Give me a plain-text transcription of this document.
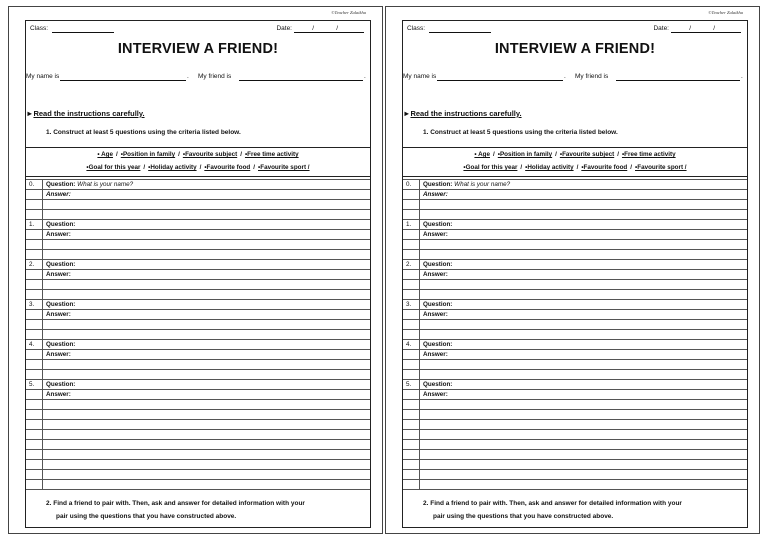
©Teacher Zulaikha
Class:	Date:	/	/
INTERVIEW A FRIEND!
My name is	. My friend is	.
►Read the instructions carefully.
1. Construct at least 5 questions using the criteria listed below.
• Age / •Position in family / •Favourite subject / •Free time activity
•Goal for this year / •Holiday activity / •Favourite food / •Favourite sport /
0. Question: What is your name?
Answer:
1. Question:
Answer:
2. Question:
Answer:
3. Question:
Answer:
4. Question:
Answer:
5. Question:
Answer:
2. Find a friend to pair with. Then, ask and answer for detailed information with your
pair using the questions that you have constructed above.
©Teacher Zulaikha
Class:	Date:	/	/
INTERVIEW A FRIEND!
My name is	. My friend is	.
►Read the instructions carefully.
1. Construct at least 5 questions using the criteria listed below.
• Age / •Position in family / •Favourite subject / •Free time activity
•Goal for this year / •Holiday activity / •Favourite food / •Favourite sport /
0. Question: What is your name?
Answer:
1. Question:
Answer:
2. Question:
Answer:
3. Question:
Answer:
4. Question:
Answer:
5. Question:
Answer:
2. Find a friend to pair with. Then, ask and answer for detailed information with your
pair using the questions that you have constructed above.
